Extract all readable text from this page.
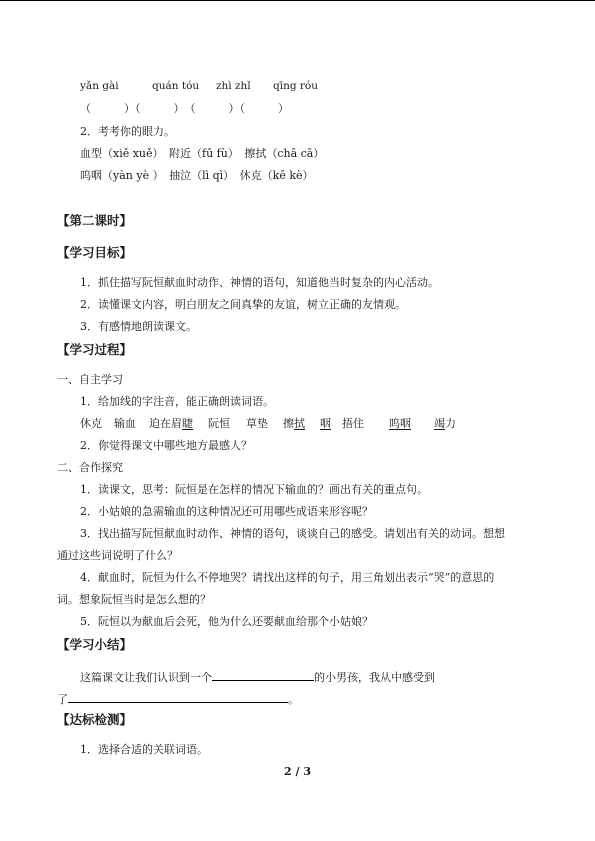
yǎn gài	quán tóu zhì zhǐ qīng róu
（　　　）（　　　）　（　　　）（　　　）
2．考考你的眼力。
血型（xiě xuě）　附近（fū fù）　擦拭（chā cā）
呜咽（yàn yè ）　抽泣（lì qì）　休克（kē kè）
【第二课时】
【学习目标】
1．抓住描写阮恒献血时动作、神情的语句，知道他当时复杂的内心活动。
2．读懂课文内容，明白朋友之间真挚的友谊，树立正确的友情观。
3．有感情地朗读课文。
【学习过程】
一、自主学习
1．给加线的字注音，能正确朗读词语。
休克 输血 迫在眉睫 阮恒 草垫 擦拭 咽 捂住 呜咽 竭力
2．你觉得课文中哪些地方最感人？
二、合作探究
1．读课文，思考：阮恒是在怎样的情况下输血的？画出有关的重点句。
2．小姑娘的急需输血的这种情况还可用哪些成语来形容呢？
3．找出描写阮恒献血时动作、神情的语句，谈谈自己的感受。请划出有关的动词。想想
通过这些词说明了什么？
4．献血时，阮恒为什么不停地哭？请找出这样的句子，用三角划出表示“哭”的意思的
词。想象阮恒当时是怎么想的？
5．阮恒以为献血后会死，他为什么还要献血给那个小姑娘？
【学习小结】
这篇课文让我们认识到一个	的小男孩，我从中感受到
了	。
【达标检测】
1．选择合适的关联词语。
2 / 3
